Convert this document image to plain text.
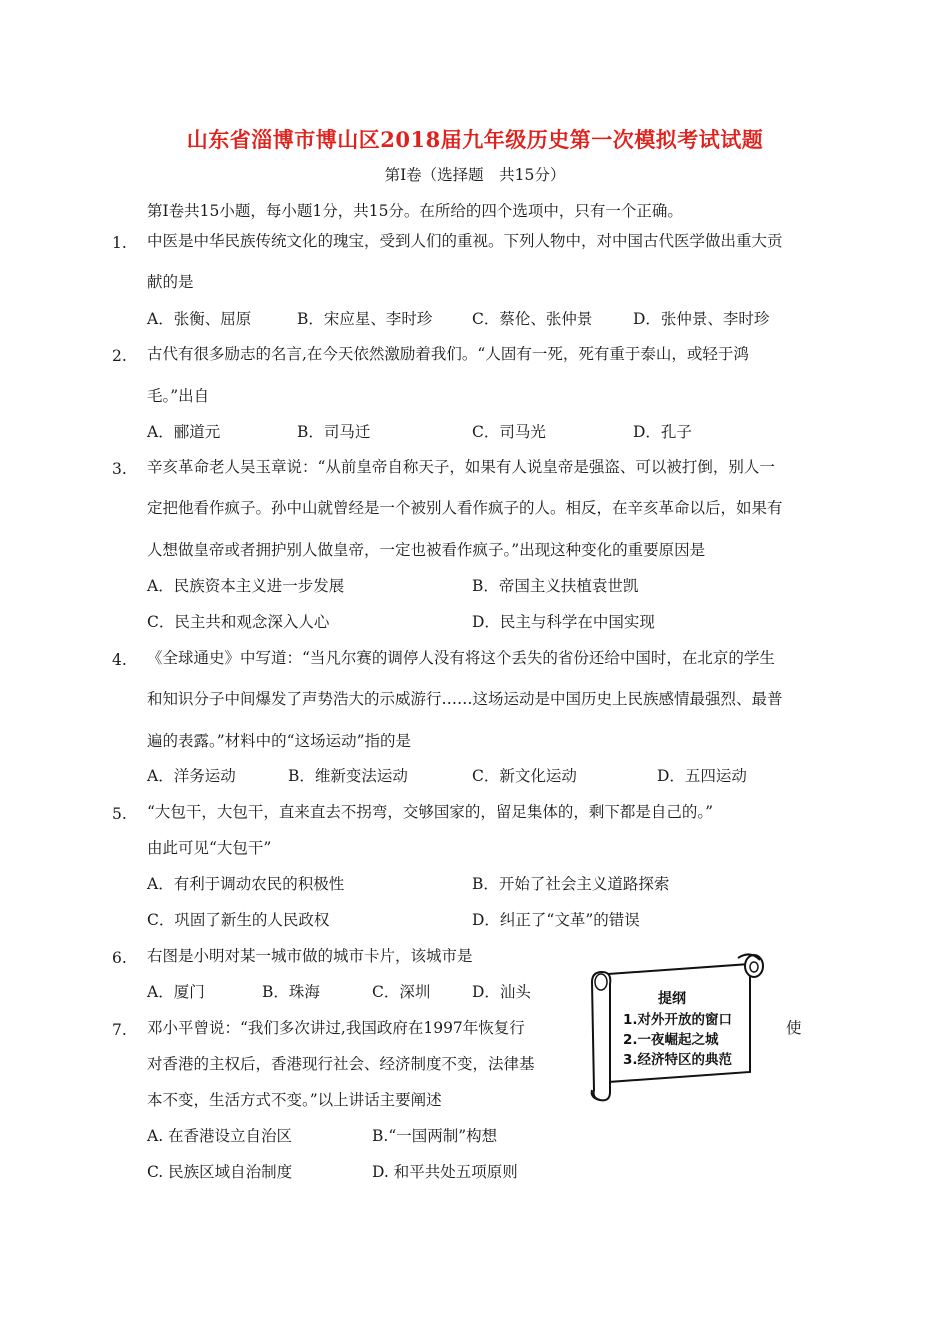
山东省淄博市博山区2018届九年级历史第一次模拟考试试题
第Ⅰ卷（选择题　共15分）
第Ⅰ卷共15小题，每小题1分，共15分。在所给的四个选项中，只有一个正确。
1. 中医是中华民族传统文化的瑰宝，受到人们的重视。下列人物中，对中国古代医学做出重大贡
献的是
A．张衡、屈原	B．宋应星、李时珍	C．蔡伦、张仲景	D．张仲景、李时珍
2. 古代有很多励志的名言,在今天依然激励着我们。“人固有一死，死有重于泰山，或轻于鸿
毛。”出自
A．郦道元	B．司马迁	C．司马光	D．孔子
3. 辛亥革命老人吴玉章说：“从前皇帝自称天子，如果有人说皇帝是强盗、可以被打倒，别人一
定把他看作疯子。孙中山就曾经是一个被别人看作疯子的人。相反，在辛亥革命以后，如果有
人想做皇帝或者拥护别人做皇帝，一定也被看作疯子。”出现这种变化的重要原因是
A．民族资本主义进一步发展	B．帝国主义扶植袁世凯
C．民主共和观念深入人心	D．民主与科学在中国实现
4. 《全球通史》中写道：“当凡尔赛的调停人没有将这个丢失的省份还给中国时，在北京的学生
和知识分子中间爆发了声势浩大的示威游行……这场运动是中国历史上民族感情最强烈、最普
遍的表露。”材料中的“这场运动”指的是
A．洋务运动	B．维新变法运动	C．新文化运动	D．五四运动
5. “大包干，大包干，直来直去不拐弯，交够国家的，留足集体的，剩下都是自己的。”
由此可见“大包干”
A．有利于调动农民的积极性	B．开始了社会主义道路探索
C．巩固了新生的人民政权	D．纠正了“文革”的错误
6. 右图是小明对某一城市做的城市卡片，该城市是
A．厦门	B．珠海	C．深圳	D．汕头	提纲
1.对外开放的窗口
2.一夜崛起之城
3.经济特区的典范
7. 邓小平曾说：“我们多次讲过,我国政府在1997年恢复行	使
对香港的主权后，香港现行社会、经济制度不变，法律基
本不变，生活方式不变。”以上讲话主要阐述
A. 在香港设立自治区	B.“一国两制”构想
C. 民族区域自治制度	D. 和平共处五项原则
